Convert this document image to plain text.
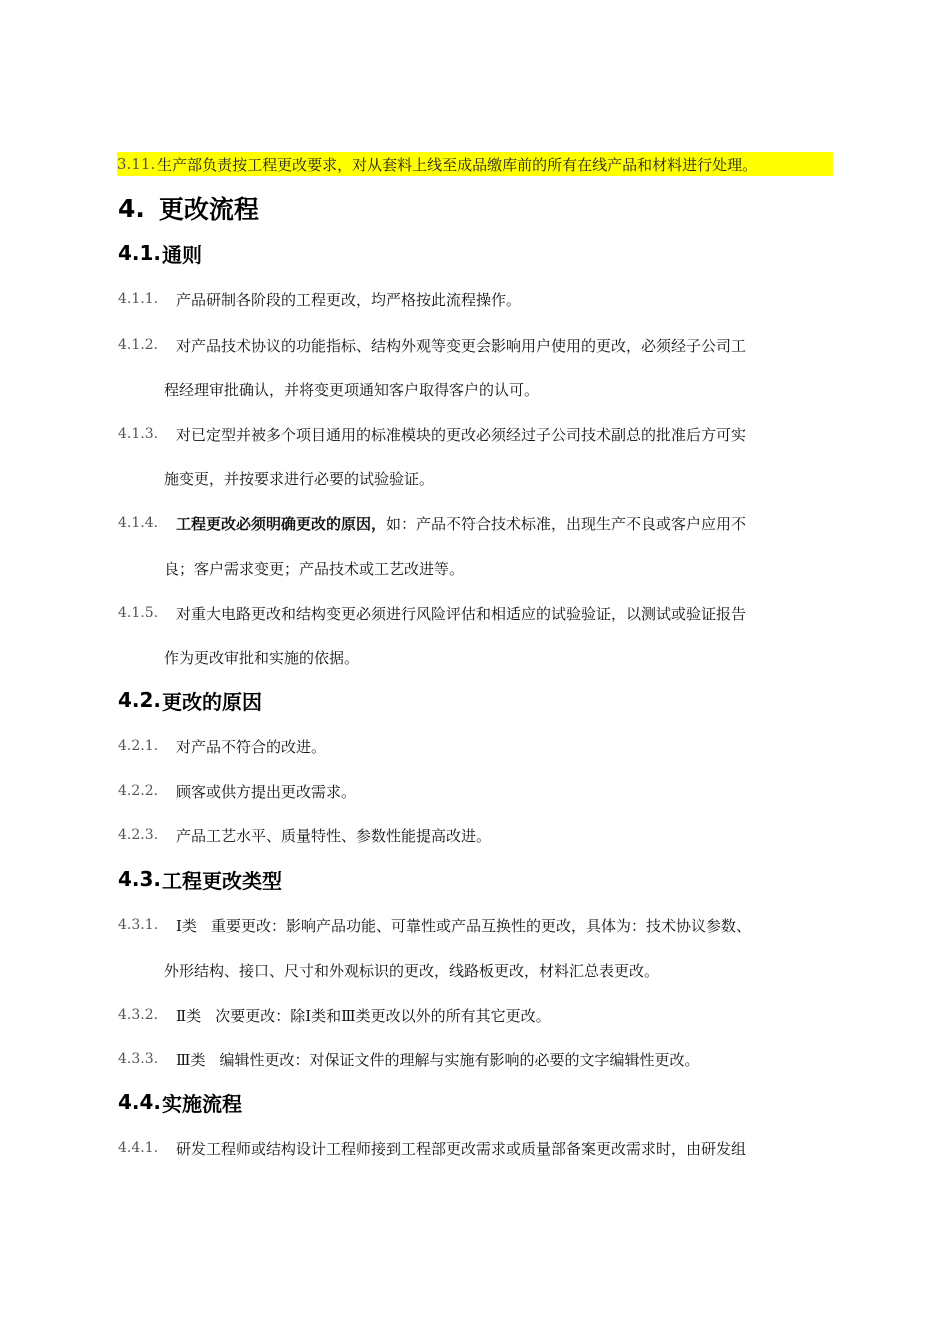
3.11. 生产部负责按工程更改要求，对从套料上线至成品缴库前的所有在线产品和材料进行处理。
4. 更改流程
4.1. 通则
4.1.1.	产品研制各阶段的工程更改，均严格按此流程操作。
4.1.2.	对产品技术协议的功能指标、结构外观等变更会影响用户使用的更改，必须经子公司工
程经理审批确认，并将变更项通知客户取得客户的认可。
4.1.3.	对已定型并被多个项目通用的标准模块的更改必须经过子公司技术副总的批准后方可实
施变更，并按要求进行必要的试验验证。
4.1.4.	工程更改必须明确更改的原因， 如：产品不符合技术标准，出现生产不良或客户应用不
良；客户需求变更；产品技术或工艺改进等。
4.1.5.	对重大电路更改和结构变更必须进行风险评估和相适应的试验验证，以测试或验证报告
作为更改审批和实施的依据。
4.2. 更改的原因
4.2.1.	对产品不符合的改进。
4.2.2.	顾客或供方提出更改需求。
4.2.3.	产品工艺水平、质量特性、参数性能提高改进。
4.3. 工程更改类型
4.3.1.	Ⅰ类 重要更改：影响产品功能、可靠性或产品互换性的更改，具体为：技术协议参数、
外形结构、接口、尺寸和外观标识的更改，线路板更改，材料汇总表更改。
4.3.2.	Ⅱ类 次要更改：除Ⅰ类和Ⅲ类更改以外的所有其它更改。
4.3.3.	Ⅲ类 编辑性更改：对保证文件的理解与实施有影响的必要的文字编辑性更改。
4.4. 实施流程
4.4.1.	研发工程师或结构设计工程师接到工程部更改需求或质量部备案更改需求时，由研发组
